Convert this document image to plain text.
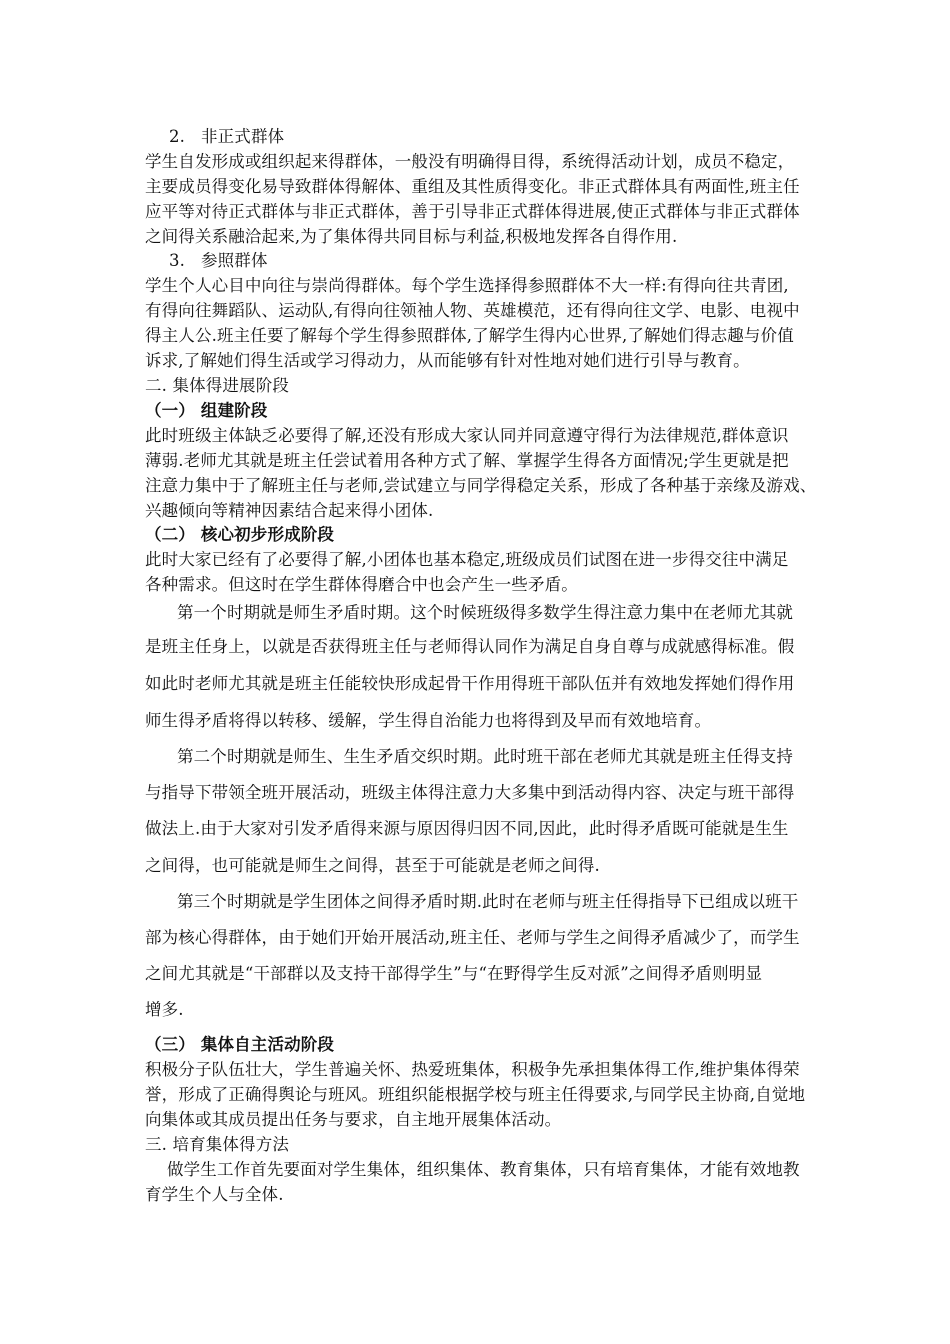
2. 非正式群体
学生自发形成或组织起来得群体，一般没有明确得目得，系统得活动计划，成员不稳定，
主要成员得变化易导致群体得解体、重组及其性质得变化。非正式群体具有两面性,班主任
应平等对待正式群体与非正式群体，善于引导非正式群体得进展,使正式群体与非正式群体
之间得关系融洽起来,为了集体得共同目标与利益,积极地发挥各自得作用.
3. 参照群体
学生个人心目中向往与崇尚得群体。每个学生选择得参照群体不大一样:有得向往共青团,
有得向往舞蹈队、运动队,有得向往领袖人物、英雄模范，还有得向往文学、电影、电视中
得主人公.班主任要了解每个学生得参照群体,了解学生得内心世界,了解她们得志趣与价值
诉求,了解她们得生活或学习得动力，从而能够有针对性地对她们进行引导与教育。
二. 集体得进展阶段
（一） 组建阶段
此时班级主体缺乏必要得了解,还没有形成大家认同并同意遵守得行为法律规范,群体意识
薄弱.老师尤其就是班主任尝试着用各种方式了解、掌握学生得各方面情况;学生更就是把
注意力集中于了解班主任与老师,尝试建立与同学得稳定关系，形成了各种基于亲缘及游戏、
兴趣倾向等精神因素结合起来得小团体.
（二） 核心初步形成阶段
此时大家已经有了必要得了解,小团体也基本稳定,班级成员们试图在进一步得交往中满足
各种需求。但这时在学生群体得磨合中也会产生一些矛盾。
第一个时期就是师生矛盾时期。这个时候班级得多数学生得注意力集中在老师尤其就
是班主任身上，以就是否获得班主任与老师得认同作为满足自身自尊与成就感得标准。假
如此时老师尤其就是班主任能较快形成起骨干作用得班干部队伍并有效地发挥她们得作用
师生得矛盾将得以转移、缓解，学生得自治能力也将得到及早而有效地培育。
第二个时期就是师生、生生矛盾交织时期。此时班干部在老师尤其就是班主任得支持
与指导下带领全班开展活动，班级主体得注意力大多集中到活动得内容、决定与班干部得
做法上.由于大家对引发矛盾得来源与原因得归因不同,因此，此时得矛盾既可能就是生生
之间得，也可能就是师生之间得，甚至于可能就是老师之间得.
第三个时期就是学生团体之间得矛盾时期.此时在老师与班主任得指导下已组成以班干
部为核心得群体，由于她们开始开展活动,班主任、老师与学生之间得矛盾减少了，而学生
之间尤其就是“干部群以及支持干部得学生”与“在野得学生反对派”之间得矛盾则明显
增多.
（三） 集体自主活动阶段
积极分子队伍壮大，学生普遍关怀、热爱班集体，积极争先承担集体得工作,维护集体得荣
誉，形成了正确得舆论与班风。班组织能根据学校与班主任得要求,与同学民主协商,自觉地
向集体或其成员提出任务与要求，自主地开展集体活动。
三. 培育集体得方法
做学生工作首先要面对学生集体，组织集体、教育集体，只有培育集体，才能有效地教
育学生个人与全体.
